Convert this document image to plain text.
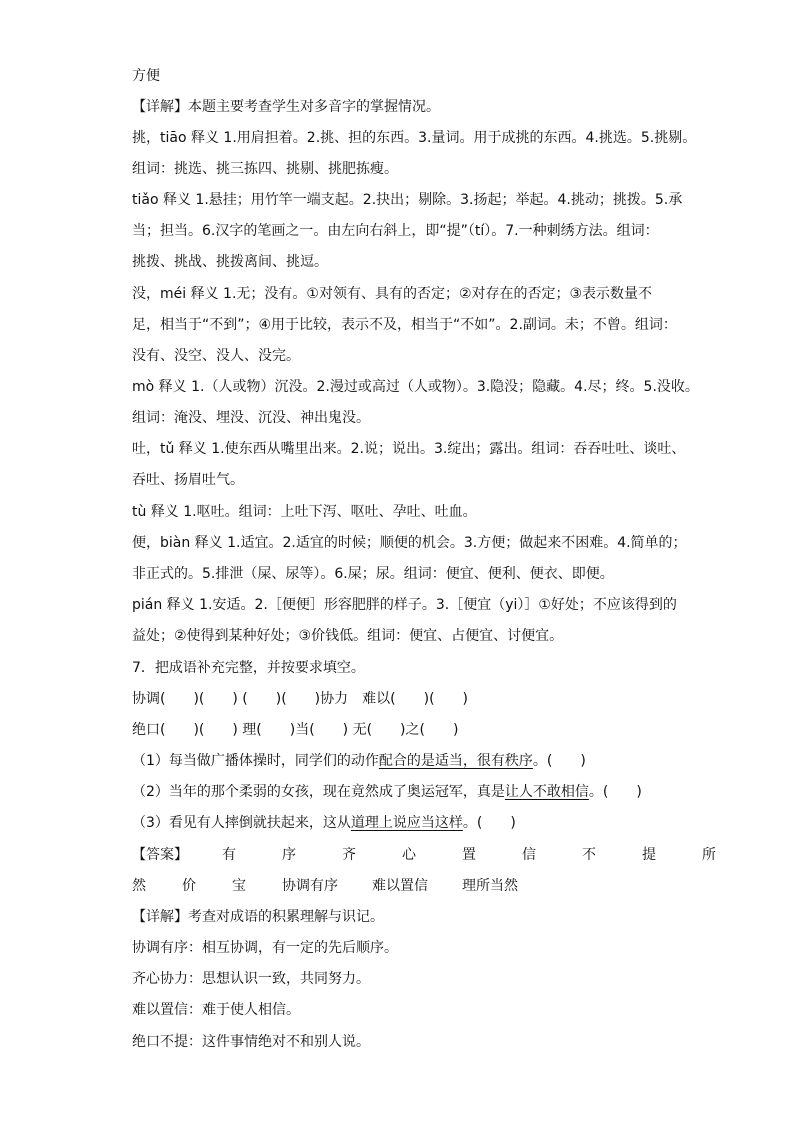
方便

【详解】本题主要考查学生对多音字的掌握情况。

挑，tiāo 释义 1.用肩担着。2.挑、担的东西。3.量词。用于成挑的东西。4.挑选。5.挑剔。

组词：挑选、挑三拣四、挑剔、挑肥拣瘦。

tiǎo 释义 1.悬挂；用竹竿一端支起。2.抉出；剔除。3.扬起；举起。4.挑动；挑拨。5.承

当；担当。6.汉字的笔画之一。由左向右斜上，即“提”（tí）。7.一种刺绣方法。组词：

挑拨、挑战、挑拨离间、挑逗。

没，méi 释义 1.无；没有。①对领有、具有的否定；②对存在的否定；③表示数量不

足，相当于“不到”；④用于比较，表示不及，相当于“不如”。2.副词。未；不曾。组词：

没有、没空、没人、没完。

mò 释义 1.（人或物）沉没。2.漫过或高过（人或物）。3.隐没；隐藏。4.尽；终。5.没收。

组词：淹没、埋没、沉没、神出鬼没。

吐，tǔ 释义 1.使东西从嘴里出来。2.说；说出。3.绽出；露出。组词：吞吞吐吐、谈吐、

吞吐、扬眉吐气。

tù 释义 1.呕吐。组词：上吐下泻、呕吐、孕吐、吐血。

便，biàn 释义 1.适宜。2.适宜的时候；顺便的机会。3.方便；做起来不困难。4.简单的；

非正式的。5.排泄（屎、尿等）。6.屎；尿。组词：便宜、便利、便衣、即便。

pián 释义 1.安适。2.［便便］形容肥胖的样子。3.［便宜（yi）］①好处；不应该得到的

益处；②使得到某种好处；③价钱低。组词：便宜、占便宜、讨便宜。

7．把成语补充完整，并按要求填空。

协调(　　)(　　) (　　)(　　)协力　难以(　　)(　　)

绝口(　　)(　　) 理(　　)当(　　) 无(　　)之(　　)

（1）每当做广播体操时，同学们的动作配合的是适当，很有秩序。(　　)

（2）当年的那个柔弱的女孩，现在竟然成了奥运冠军，真是让人不敢相信。(　　)

（3）看见有人摔倒就扶起来，这从道理上说应当这样。(　　)

【答案】 有	序	齐	心	置	信	不	提	所

然	价	宝	协调有序 难以置信 理所当然

【详解】考查对成语的积累理解与识记。

协调有序：相互协调，有一定的先后顺序。

齐心协力：思想认识一致，共同努力。

难以置信：难于使人相信。

绝口不提：这件事情绝对不和别人说。
